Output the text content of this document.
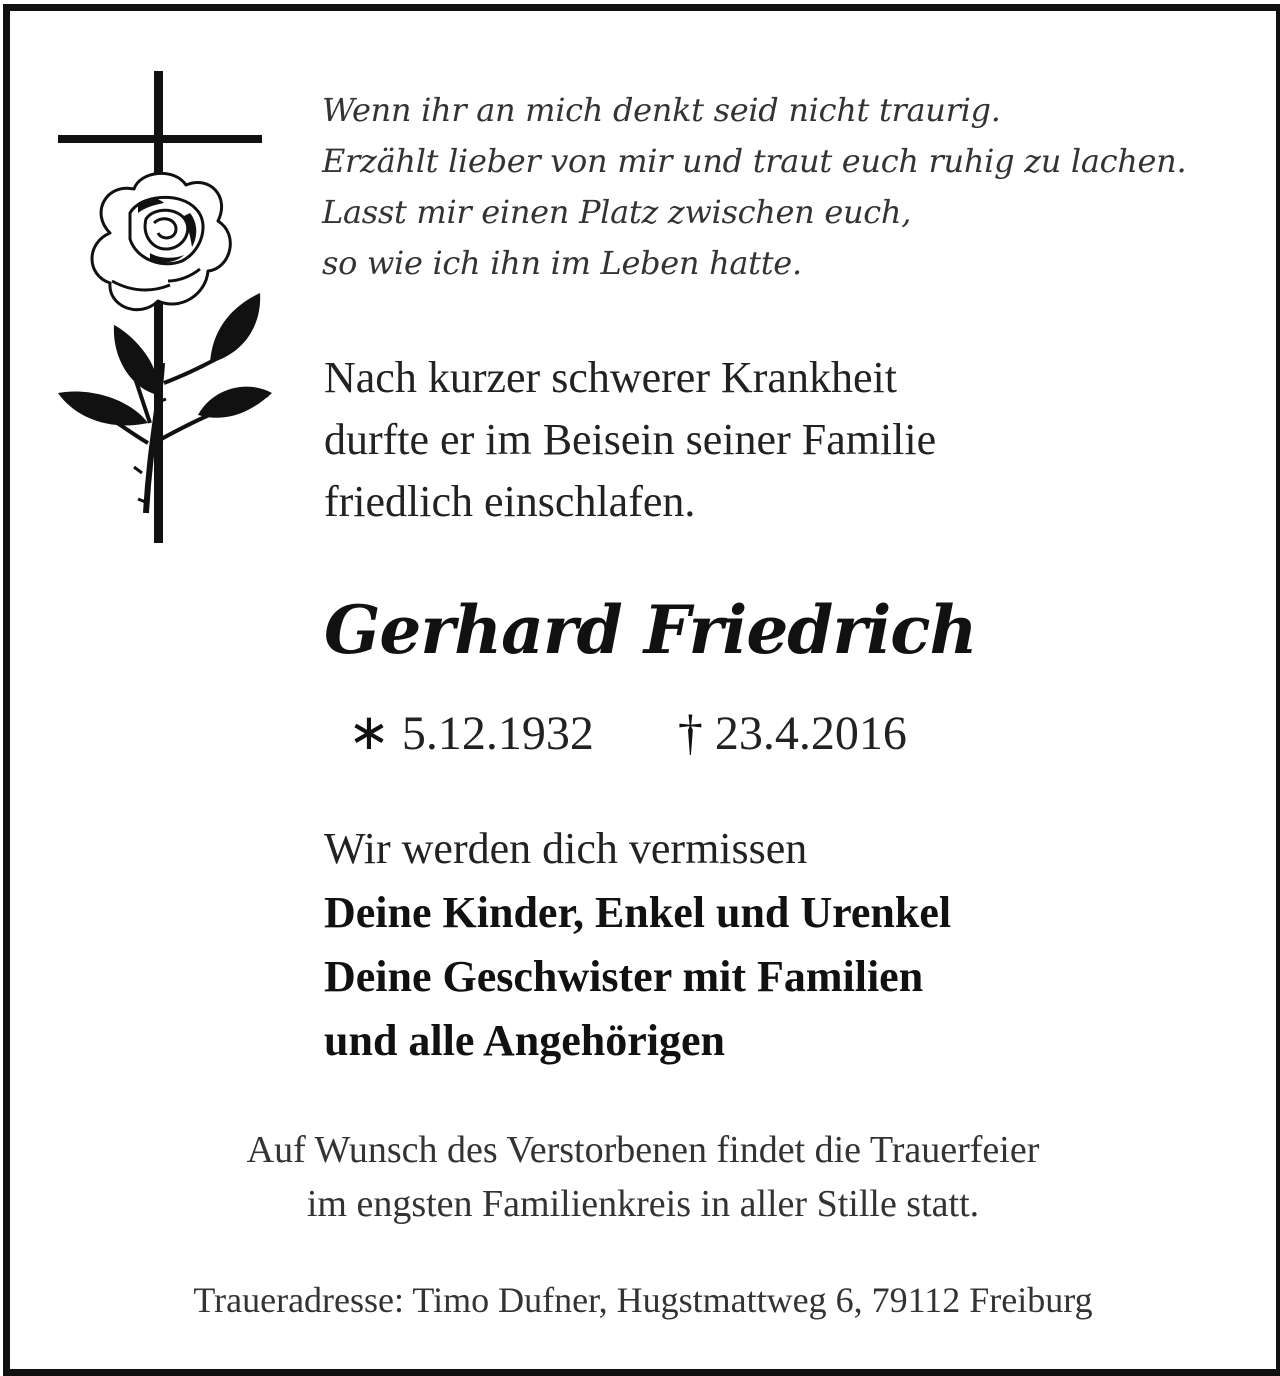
Wenn ihr an mich denkt seid nicht traurig.
Erzählt lieber von mir und traut euch ruhig zu lachen.
Lasst mir einen Platz zwischen euch,
so wie ich ihn im Leben hatte.
Nach kurzer schwerer Krankheit
durfte er im Beisein seiner Familie
friedlich einschlafen.
Gerhard Friedrich
∗ 5.12.1932 † 23.4.2016
Wir werden dich vermissen
Deine Kinder, Enkel und Urenkel
Deine Geschwister mit Familien
und alle Angehörigen
Auf Wunsch des Verstorbenen findet die Trauerfeier
im engsten Familienkreis in aller Stille statt.
Traueradresse: Timo Dufner, Hugstmattweg 6, 79112 Freiburg
